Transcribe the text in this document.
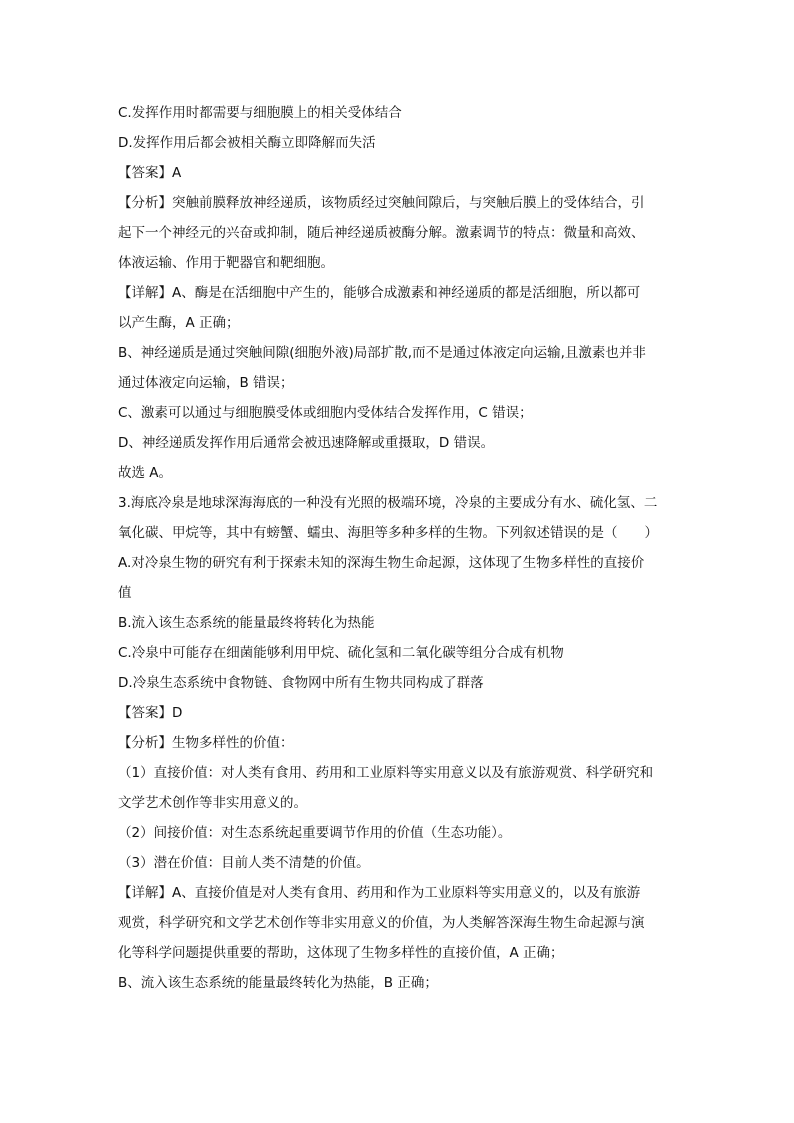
C.发挥作用时都需要与细胞膜上的相关受体结合
D.发挥作用后都会被相关酶立即降解而失活
【答案】A
【分析】突触前膜释放神经递质，该物质经过突触间隙后，与突触后膜上的受体结合，引
起下一个神经元的兴奋或抑制，随后神经递质被酶分解。激素调节的特点：微量和高效、
体液运输、作用于靶器官和靶细胞。
【详解】A、酶是在活细胞中产生的，能够合成激素和神经递质的都是活细胞，所以都可
以产生酶，A 正确；
B、神经递质是通过突触间隙(细胞外液)局部扩散,而不是通过体液定向运输,且激素也并非
通过体液定向运输，B 错误；
C、激素可以通过与细胞膜受体或细胞内受体结合发挥作用，C 错误；
D、神经递质发挥作用后通常会被迅速降解或重摄取，D 错误。
故选 A。
3.海底冷泉是地球深海海底的一种没有光照的极端环境，冷泉的主要成分有水、硫化氢、二
氧化碳、甲烷等，其中有螃蟹、蠕虫、海胆等多种多样的生物。下列叙述错误的是（　　）
A.对冷泉生物的研究有利于探索未知的深海生物生命起源，这体现了生物多样性的直接价
值
B.流入该生态系统的能量最终将转化为热能
C.冷泉中可能存在细菌能够利用甲烷、硫化氢和二氧化碳等组分合成有机物
D.冷泉生态系统中食物链、食物网中所有生物共同构成了群落
【答案】D
【分析】生物多样性的价值：
（1）直接价值：对人类有食用、药用和工业原料等实用意义以及有旅游观赏、科学研究和
文学艺术创作等非实用意义的。
（2）间接价值：对生态系统起重要调节作用的价值（生态功能）。
（3）潜在价值：目前人类不清楚的价值。
【详解】A、直接价值是对人类有食用、药用和作为工业原料等实用意义的，以及有旅游
观赏，科学研究和文学艺术创作等非实用意义的价值，为人类解答深海生物生命起源与演
化等科学问题提供重要的帮助，这体现了生物多样性的直接价值，A 正确；
B、流入该生态系统的能量最终转化为热能，B 正确；
